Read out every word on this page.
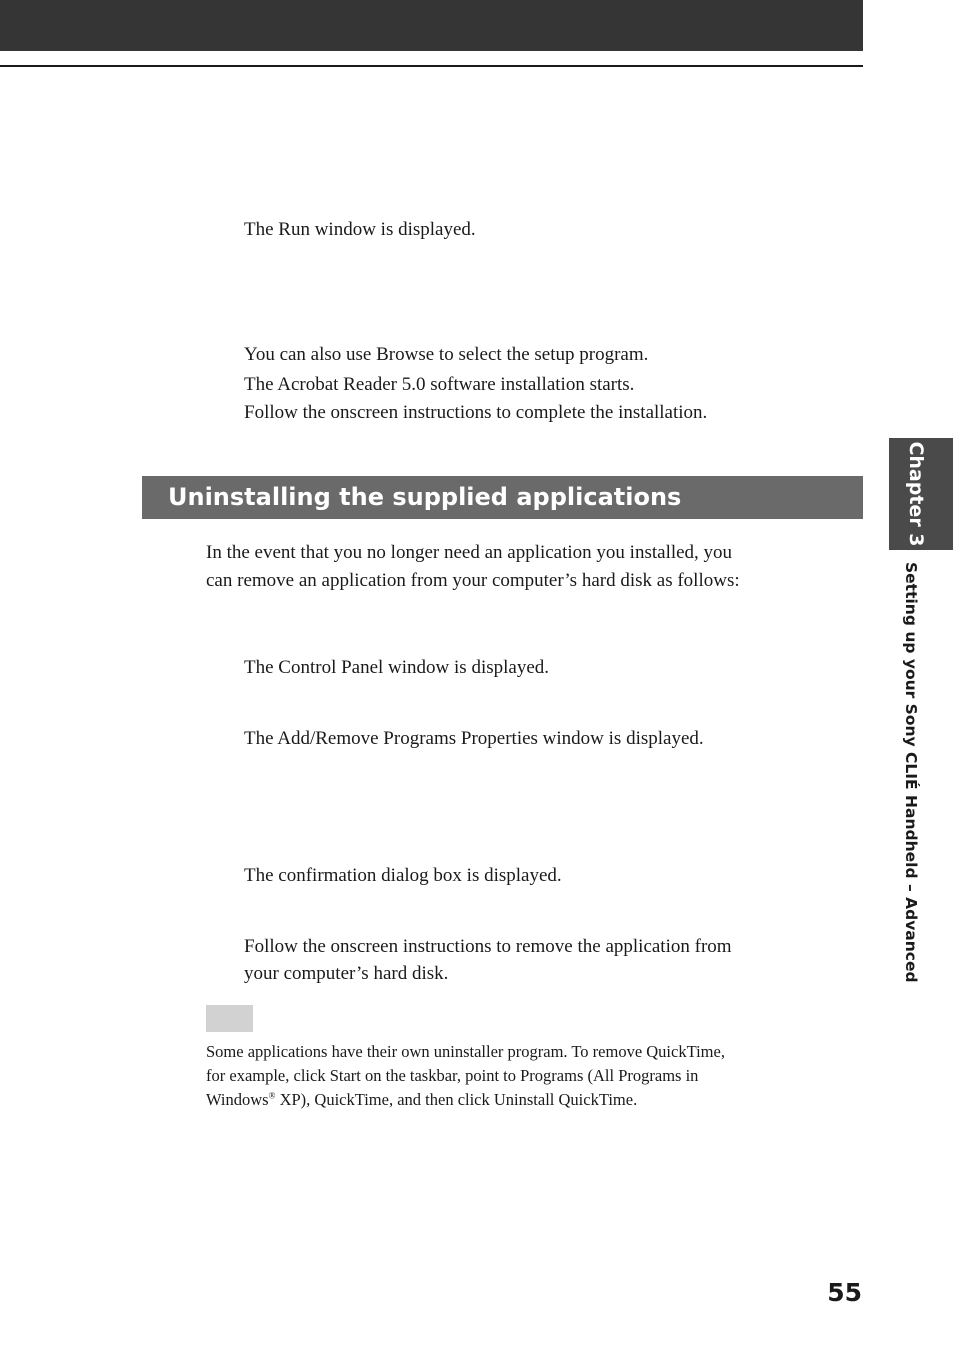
The Run window is displayed.
You can also use Browse to select the setup program.
The Acrobat Reader 5.0 software installation starts.
Follow the onscreen instructions to complete the installation.
Uninstalling the supplied applications
In the event that you no longer need an application you installed, you
can remove an application from your computer’s hard disk as follows:
The Control Panel window is displayed.
The Add/Remove Programs Properties window is displayed.
The confirmation dialog box is displayed.
Follow the onscreen instructions to remove the application from
your computer’s hard disk.
Some applications have their own uninstaller program. To remove QuickTime,
for example, click Start on the taskbar, point to Programs (All Programs in
Windows® XP), QuickTime, and then click Uninstall QuickTime.
Chapter 3
Setting up your Sony CLIÉ Handheld – Advanced
55
